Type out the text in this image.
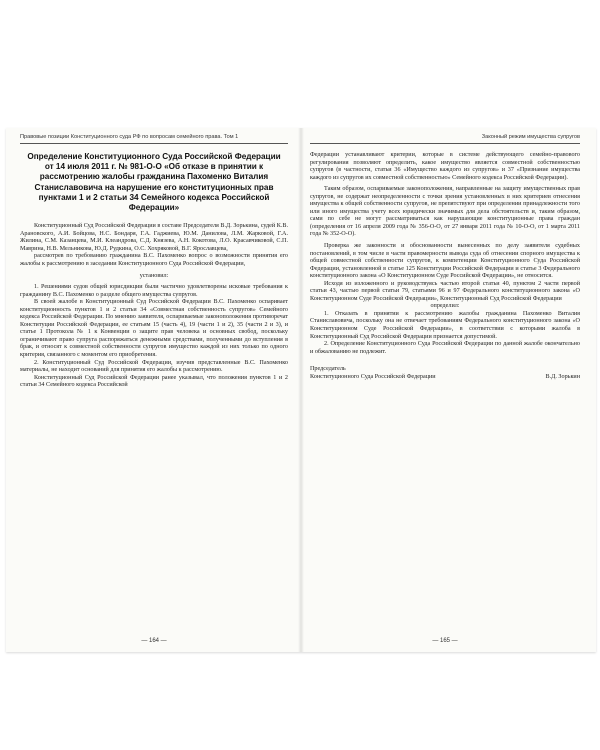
Правовые позиции Конституционного суда РФ по вопросам семейного права. Том 1
Определение Конституционного Суда Российской Федерации от 14 июля 2011 г. № 981-О-О «Об отказе в принятии к рассмотрению жалобы гражданина Пахоменко Виталия Станиславовича на нарушение его конституционных прав пунктами 1 и 2 статьи 34 Семейного кодекса Российской Федерации»

Конституционный Суд Российской Федерации в составе Председателя В.Д. Зорькина, судей К.В. Арановского, А.И. Бойцова, Н.С. Бондаря, Г.А. Гаджиева, Ю.М. Данилова, Л.М. Жарковой, Г.А. Жилина, С.М. Казанцева, М.И. Клеандрова, С.Д. Князева, А.Н. Кокотова, Л.О. Красавчиковой, С.П. Маврина, Н.В. Мельникова, Ю.Д. Рудкина, О.С. Хохряковой, В.Г. Ярославцева,

рассмотрев по требованию гражданина В.С. Пахоменко вопрос о возможности принятия его жалобы к рассмотрению в заседании Конституционного Суда Российской Федерации,

установил:

1. Решениями судов общей юрисдикции были частично удовлетворены исковые требования к гражданину В.С. Пахоменко о разделе общего имущества супругов.

В своей жалобе в Конституционный Суд Российской Федерации В.С. Пахоменко оспаривает конституционность пунктов 1 и 2 статьи 34 «Совместная собственность супругов» Семейного кодекса Российской Федерации. По мнению заявителя, оспариваемые законоположения противоречат Конституции Российской Федерации, ее статьям 15 (часть 4), 19 (части 1 и 2), 35 (части 2 и 3), и статье 1 Протокола № 1 к Конвенции о защите прав человека и основных свобод, поскольку ограничивают право супруга распоряжаться денежными средствами, полученными до вступления в брак, и относят к совместной собственности супругов имущество каждой из них только по одного критерия, связанного с моментом его приобретения.

2. Конституционный Суд Российской Федерации, изучив представленные В.С. Пахоменко материалы, не находит оснований для принятия его жалобы к рассмотрению.

Конституционный Суд Российской Федерации ранее указывал, что положения пунктов 1 и 2 статьи 34 Семейного кодекса Российской

— 164 —
Законный режим имущества супругов

Федерации устанавливают критерии, которые в системе действующего семейно-правового регулирования позволяют определить, какое имущество является совместной собственностью супругов (в частности, статьи 36 «Имущество каждого из супругов» и 37 «Признание имущества каждого из супругов их совместной собственностью» Семейного кодекса Российской Федерации).

Таким образом, оспариваемые законоположения, направленные на защиту имущественных прав супругов, не содержат неопределенности с точки зрения установленных в них критериев отнесения имущества к общей собственности супругов, не препятствуют при определении принадлежности того или иного имущества учету всех юридически значимых для дела обстоятельств и, таким образом, сами по себе не могут рассматриваться как нарушающие конституционные права граждан (определения от 16 апреля 2009 года № 356-О-О, от 27 января 2011 года № 10-О-О, от 1 марта 2011 года № 352-О-О).

Проверка же законности и обоснованности вынесенных по делу заявителя судебных постановлений, в том числе в части правомерности вывода суда об отнесении спорного имущества к общей совместной собственности супругов, к компетенции Конституционного Суда Российской Федерации, установленной в статье 125 Конституции Российской Федерации и статье 3 Федерального конституционного закона «О Конституционном Суде Российской Федерации», не относится.

Исходя из изложенного и руководствуясь частью второй статьи 40, пунктом 2 части первой статьи 43, частью первой статьи 79, статьями 96 и 97 Федерального конституционного закона «О Конституционном Суде Российской Федерации», Конституционный Суд Российской Федерации

определил:

1. Отказать в принятии к рассмотрению жалобы гражданина Пахоменко Виталия Станиславовича, поскольку она не отвечает требованиям Федерального конституционного закона «О Конституционном Суде Российской Федерации», в соответствии с которыми жалоба в Конституционный Суд Российской Федерации признается допустимой.

2. Определение Конституционного Суда Российской Федерации по данной жалобе окончательно и обжалованию не подлежит.

Председатель
Конституционного Суда Российской Федерации	В.Д. Зорькин
— 165 —
